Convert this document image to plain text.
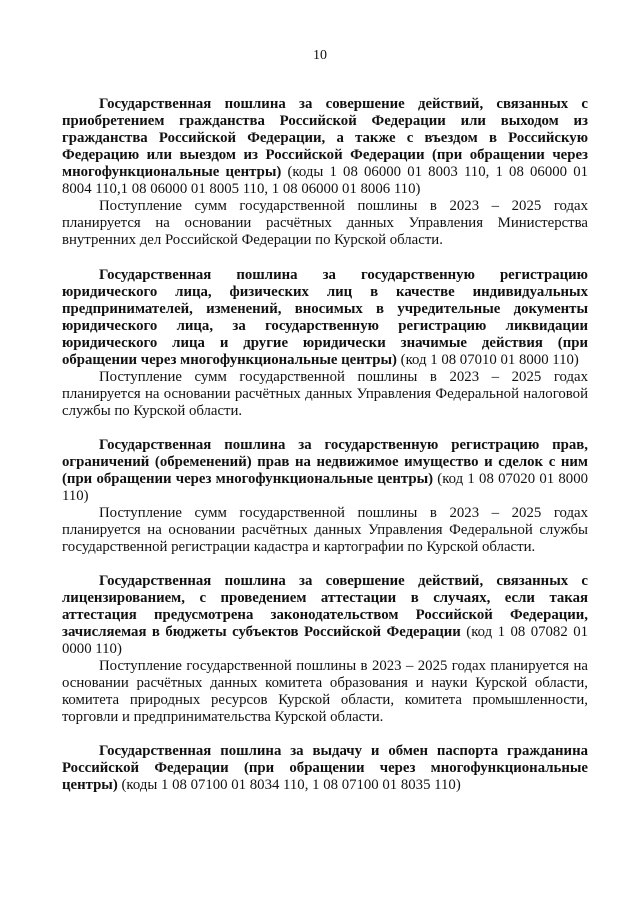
10

Государственная пошлина за совершение действий, связанных с приобретением гражданства Российской Федерации или выходом из гражданства Российской Федерации, а также с въездом в Российскую Федерацию или выездом из Российской Федерации (при обращении через многофункциональные центры) (коды 1 08 06000 01 8003 110, 1 08 06000 01 8004 110,1 08 06000 01 8005 110, 1 08 06000 01 8006 110)

Поступление сумм государственной пошлины в 2023 – 2025 годах планируется на основании расчётных данных Управления Министерства внутренних дел Российской Федерации по Курской области.

Государственная пошлина за государственную регистрацию юридического лица, физических лиц в качестве индивидуальных предпринимателей, изменений, вносимых в учредительные документы юридического лица, за государственную регистрацию ликвидации юридического лица и другие юридически значимые действия (при обращении через многофункциональные центры) (код 1 08 07010 01 8000 110)

Поступление сумм государственной пошлины в 2023 – 2025 годах планируется на основании расчётных данных Управления Федеральной налоговой службы по Курской области.

Государственная пошлина за государственную регистрацию прав, ограничений (обременений) прав на недвижимое имущество и сделок с ним (при обращении через многофункциональные центры) (код 1 08 07020 01 8000 110)

Поступление сумм государственной пошлины в 2023 – 2025 годах планируется на основании расчётных данных Управления Федеральной службы государственной регистрации кадастра и картографии по Курской области.

Государственная пошлина за совершение действий, связанных с лицензированием, с проведением аттестации в случаях, если такая аттестация предусмотрена законодательством Российской Федерации, зачисляемая в бюджеты субъектов Российской Федерации (код 1 08 07082 01 0000 110)

Поступление государственной пошлины в 2023 – 2025 годах планируется на основании расчётных данных комитета образования и науки Курской области, комитета природных ресурсов Курской области, комитета промышленности, торговли и предпринимательства Курской области.

Государственная пошлина за выдачу и обмен паспорта гражданина Российской Федерации (при обращении через многофункциональные центры) (коды 1 08 07100 01 8034 110, 1 08 07100 01 8035 110)
